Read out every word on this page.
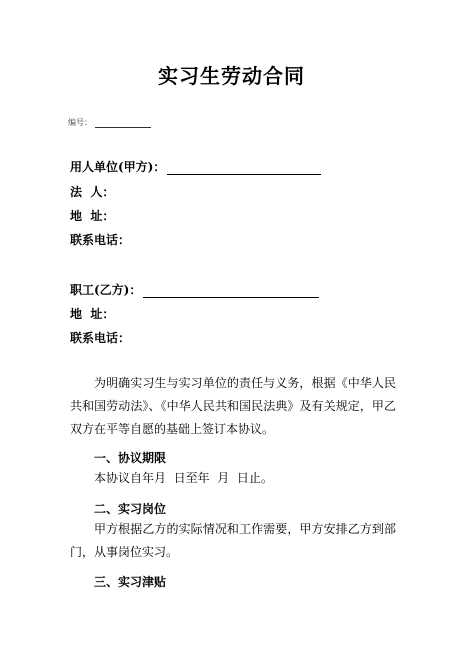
实习生劳动合同
编号：
用人单位(甲方)：
法  人：
地  址：
联系电话：
职工(乙方)：
地  址：
联系电话：
为明确实习生与实习单位的责任与义务，根据《中华人民共和国劳动法》、《中华人民共和国民法典》及有关规定，甲乙双方在平等自愿的基础上签订本协议。
一、协议期限
本协议自年月  日至年  月  日止。
二、实习岗位
甲方根据乙方的实际情况和工作需要，甲方安排乙方到部门，从事岗位实习。
三、实习津贴
